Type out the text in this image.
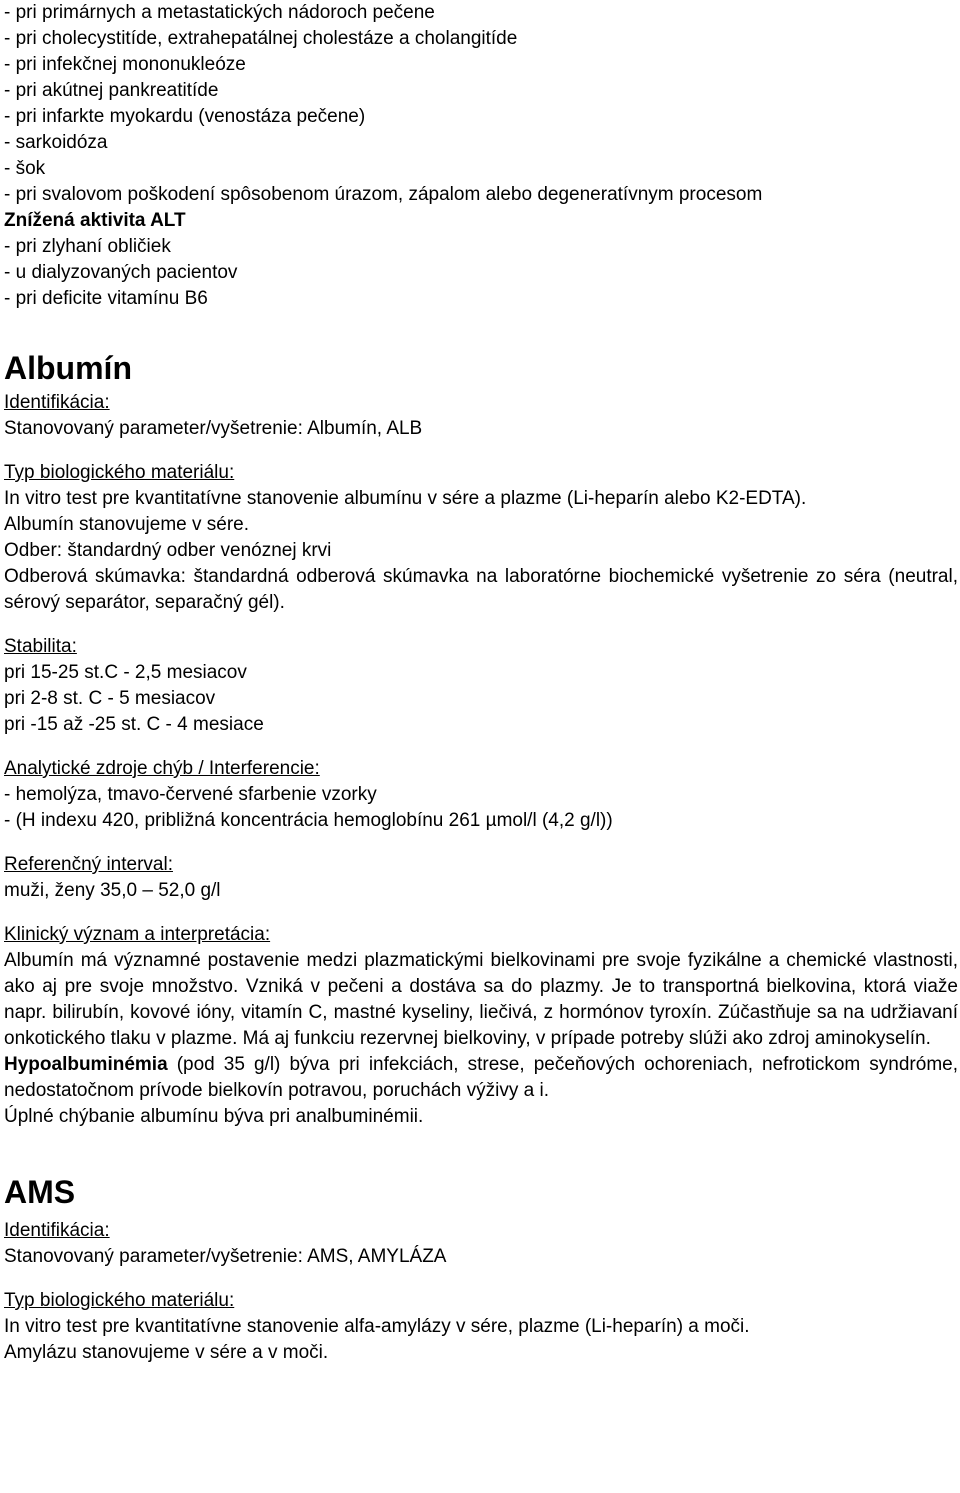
- pri primárnych a metastatických nádoroch pečene
- pri cholecystitíde, extrahepatálnej cholestáze a cholangitíde
- pri infekčnej mononukleóze
- pri akútnej pankreatitíde
- pri infarkte myokardu (venostáza pečene)
- sarkoidóza
- šok
- pri svalovom poškodení spôsobenom úrazom, zápalom alebo degeneratívnym procesom

Znížená aktivita ALT

- pri zlyhaní obličiek
- u dialyzovaných pacientov
- pri deficite vitamínu B6
Albumín

Identifikácia:

Stanovovaný parameter/vyšetrenie: Albumín, ALB

Typ biologického materiálu:

In vitro test pre kvantitatívne stanovenie albumínu v sére a plazme (Li-heparín alebo K2-EDTA).

Albumín stanovujeme v sére.

Odber: štandardný odber venóznej krvi

Odberová skúmavka: štandardná odberová skúmavka na laboratórne biochemické vyšetrenie zo séra (neutral, sérový separátor, separačný gél).

Stabilita:

pri 15-25 st.C - 2,5 mesiacov

pri 2-8 st. C - 5 mesiacov

pri -15 až -25 st. C - 4 mesiace

Analytické zdroje chýb / Interferencie:

- hemolýza, tmavo-červené sfarbenie vzorky

- (H indexu 420, približná koncentrácia hemoglobínu 261 µmol/l (4,2 g/l))

Referenčný interval:

muži, ženy 35,0 – 52,0 g/l

Klinický význam a interpretácia:

Albumín má významné postavenie medzi plazmatickými bielkovinami pre svoje fyzikálne a chemické vlastnosti, ako aj pre svoje množstvo. Vzniká v pečeni a dostáva sa do plazmy. Je to transportná bielkovina, ktorá viaže napr. bilirubín, kovové ióny, vitamín C, mastné kyseliny, liečivá, z hormónov tyroxín. Zúčastňuje sa na udržiavaní onkotického tlaku v plazme. Má aj funkciu rezervnej bielkoviny, v prípade potreby slúži ako zdroj aminokyselín.

Hypoalbuminémia (pod 35 g/l) býva pri infekciách, strese, pečeňových ochoreniach, nefrotickom syndróme, nedostatočnom prívode bielkovín potravou, poruchách výživy a i.

Úplné chýbanie albumínu býva pri analbuminémii.

AMS

Identifikácia:

Stanovovaný parameter/vyšetrenie: AMS, AMYLÁZA

Typ biologického materiálu:

In vitro test pre kvantitatívne stanovenie alfa-amylázy v sére, plazme (Li-heparín) a moči.

Amylázu stanovujeme v sére a v moči.
